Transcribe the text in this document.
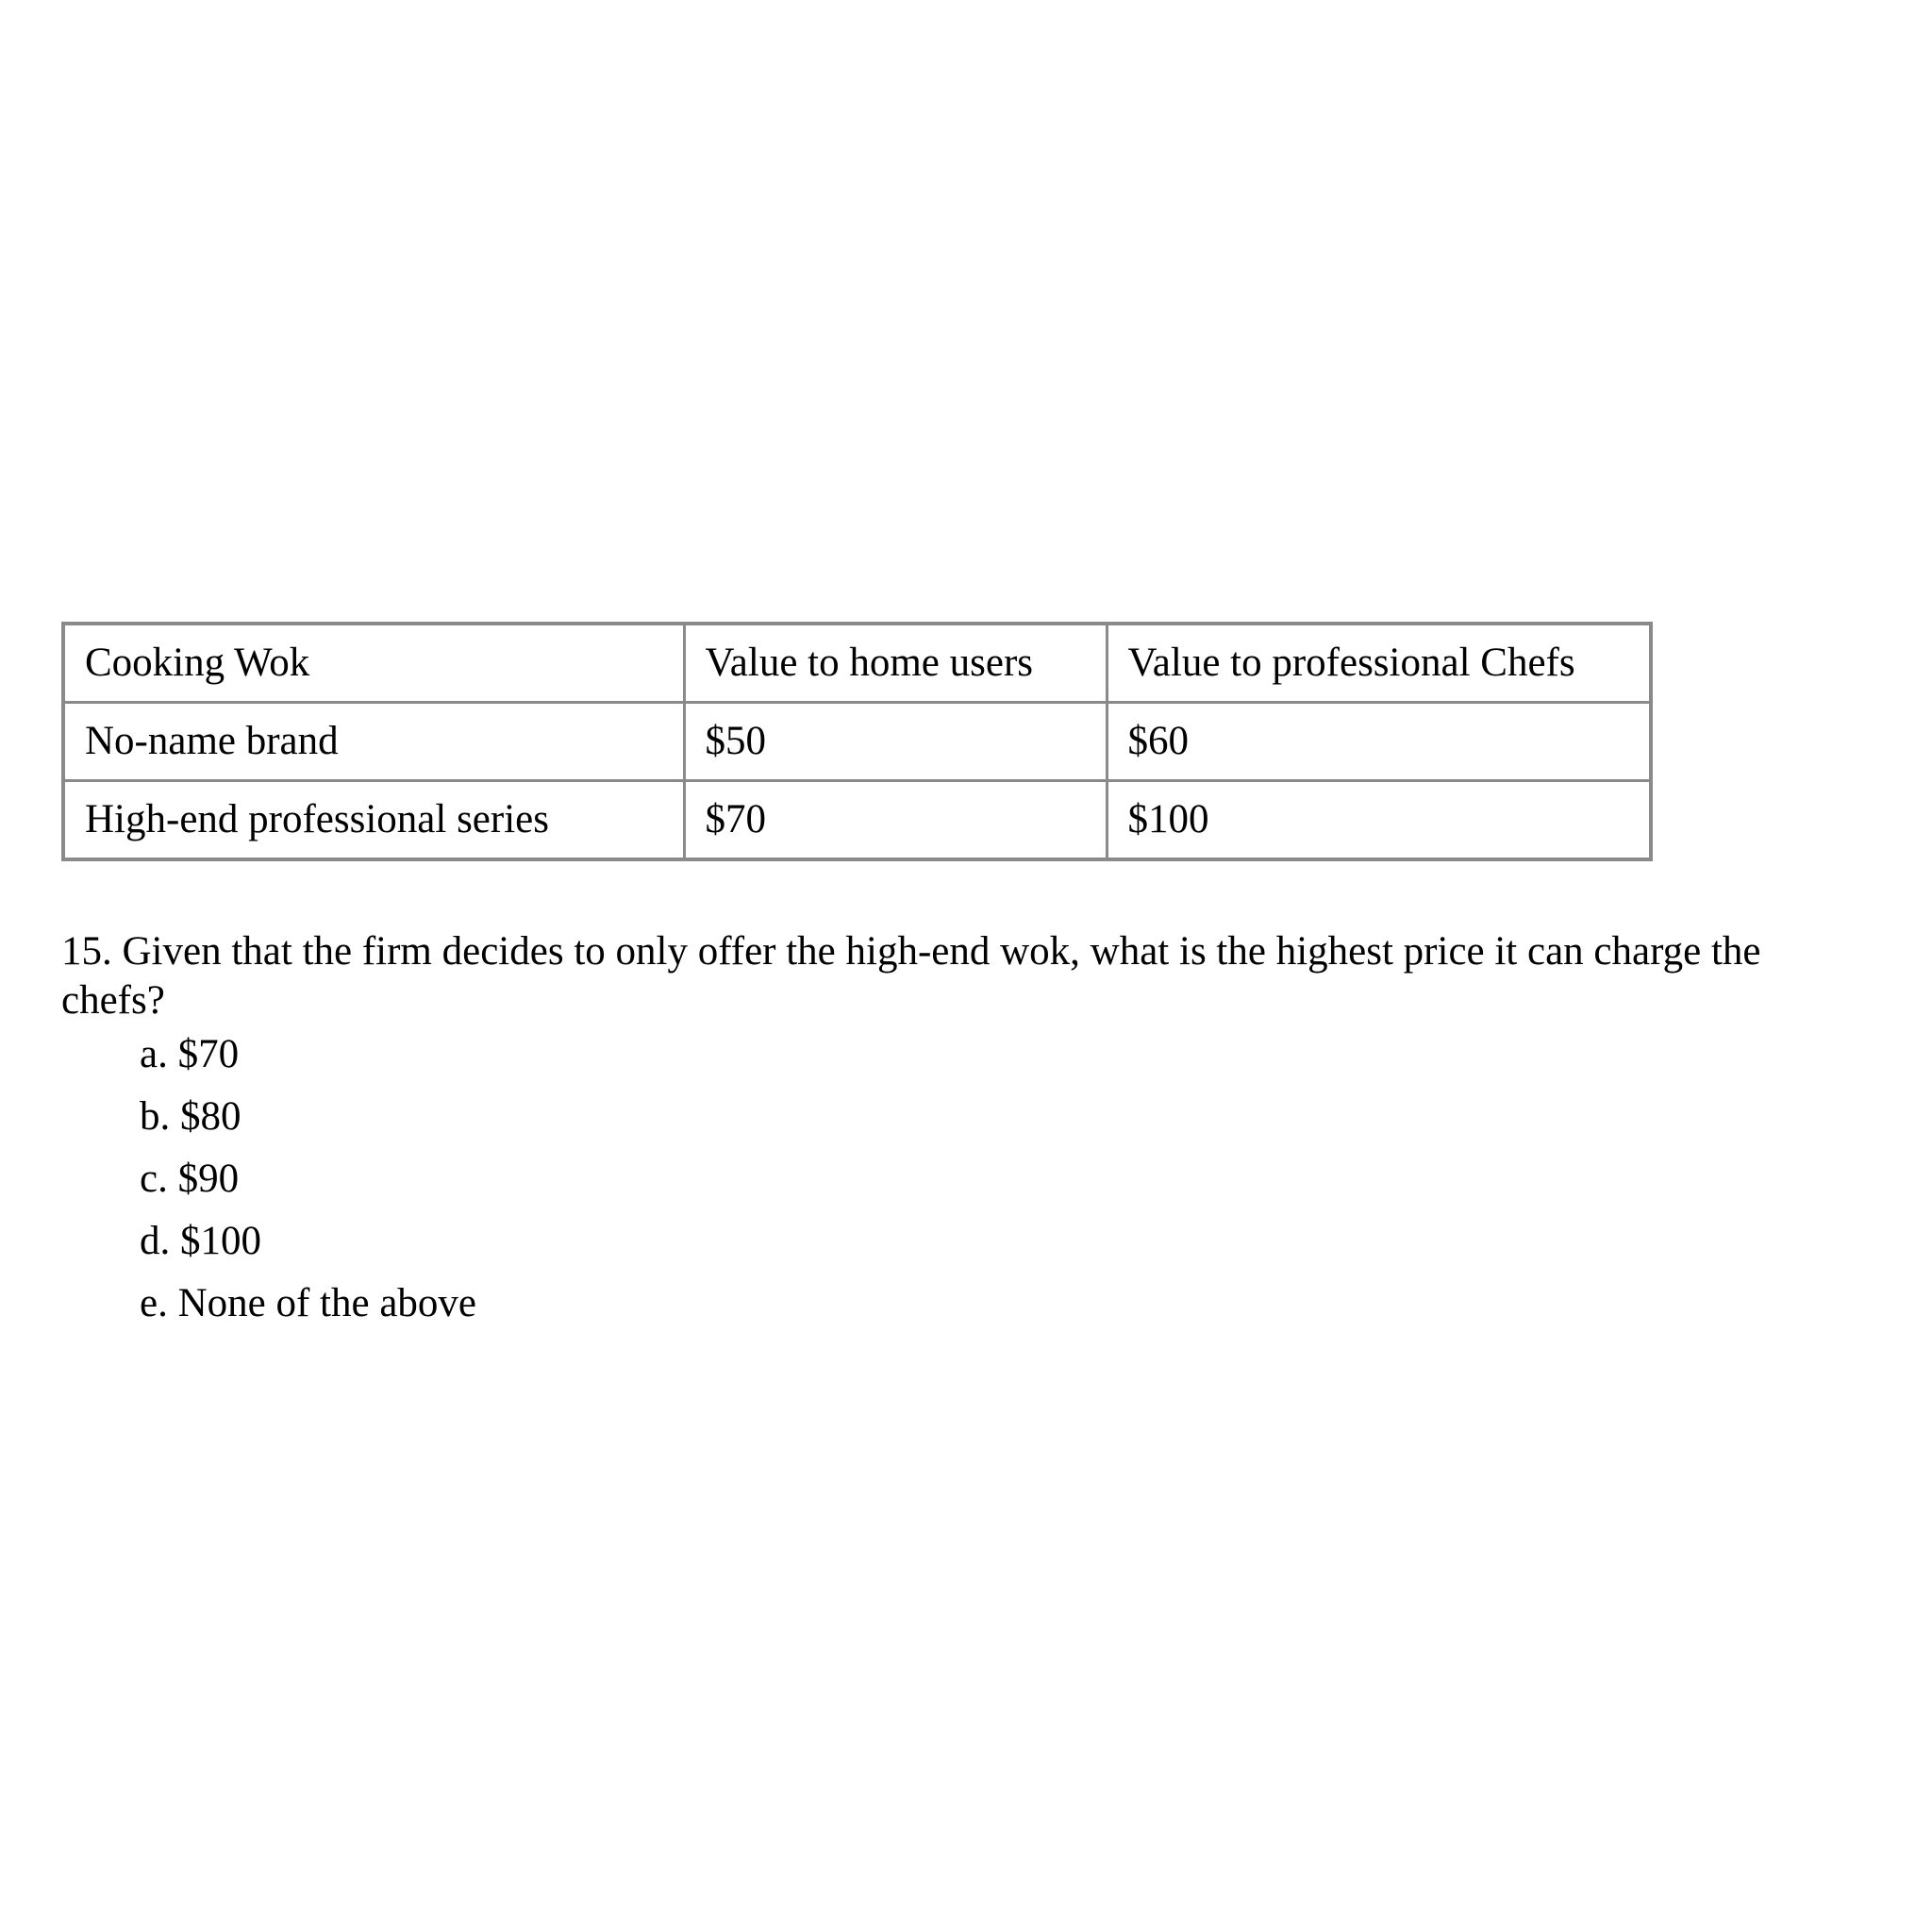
Cooking Wok	Value to home users	Value to professional Chefs
No-name brand	$50	$60
High-end professional series	$70	$100

15. Given that the firm decides to only offer the high-end wok, what is the highest price it can charge the chefs?

a. $70
b. $80
c. $90
d. $100
e. None of the above
